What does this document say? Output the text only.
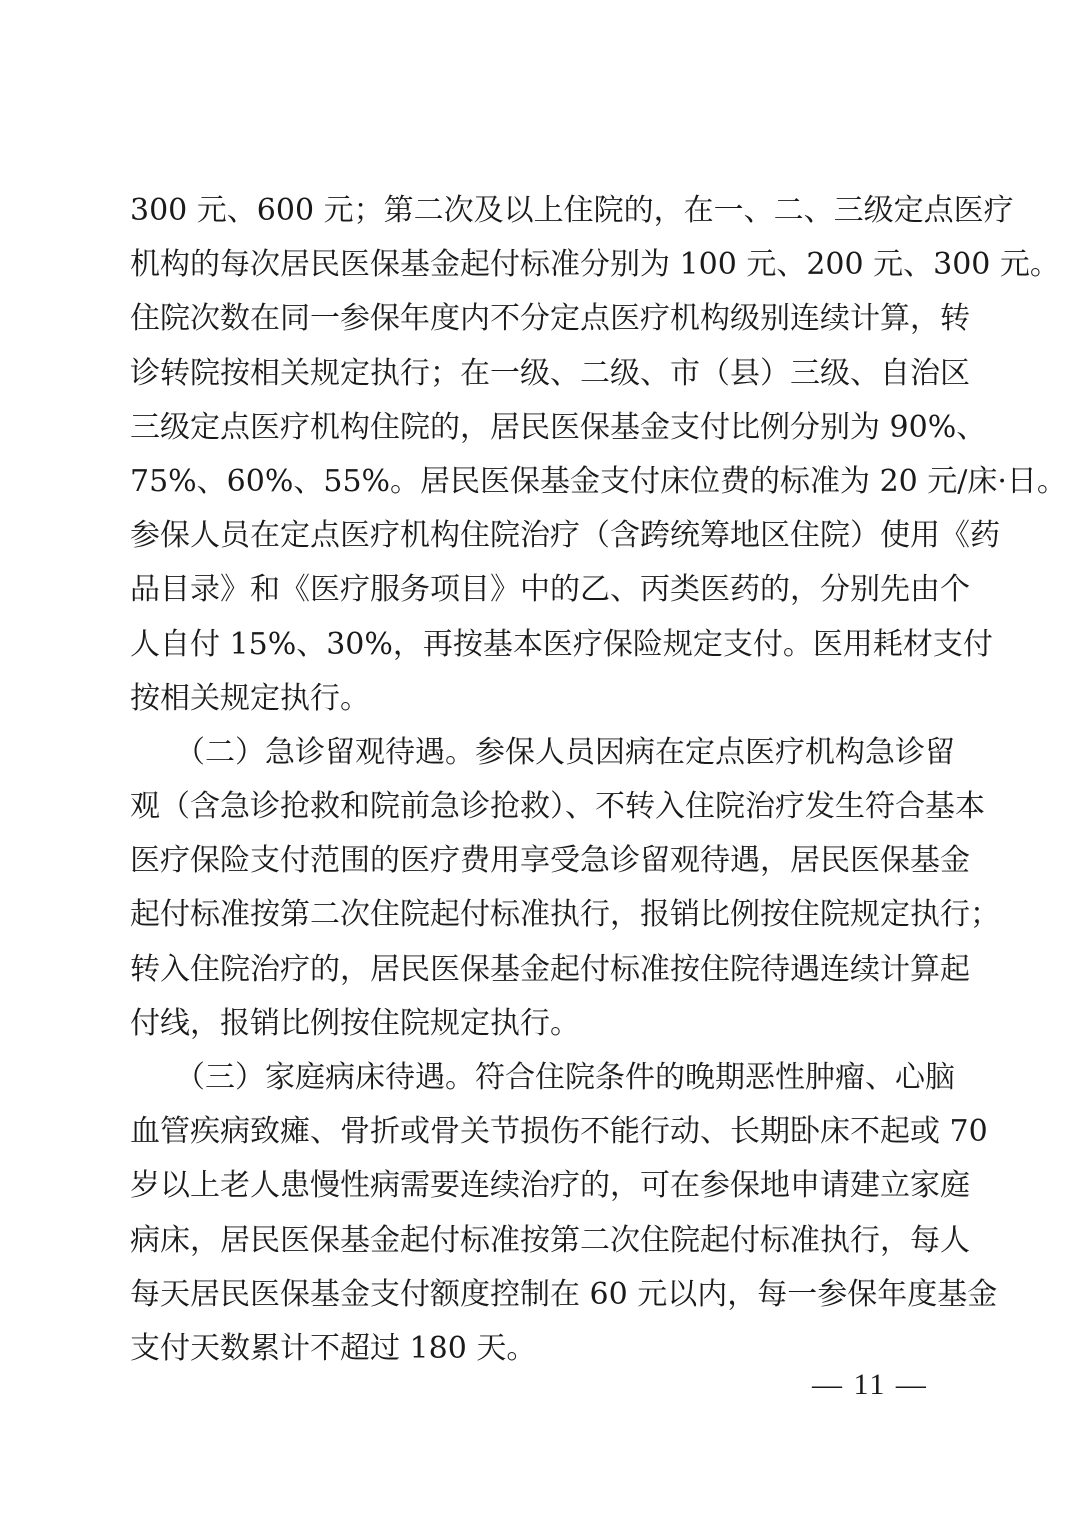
300 元、600 元；第二次及以上住院的，在一、二、三级定点医疗
机构的每次居民医保基金起付标准分别为 100 元、200 元、300 元。
住院次数在同一参保年度内不分定点医疗机构级别连续计算，转
诊转院按相关规定执行；在一级、二级、市（县）三级、自治区
三级定点医疗机构住院的，居民医保基金支付比例分别为 90%、
75%、60%、55%。居民医保基金支付床位费的标准为 20 元/床·日。
参保人员在定点医疗机构住院治疗（含跨统筹地区住院）使用《药
品目录》和《医疗服务项目》中的乙、丙类医药的，分别先由个
人自付 15%、30%，再按基本医疗保险规定支付。医用耗材支付
按相关规定执行。
　　（二）急诊留观待遇。参保人员因病在定点医疗机构急诊留
观（含急诊抢救和院前急诊抢救）、不转入住院治疗发生符合基本
医疗保险支付范围的医疗费用享受急诊留观待遇，居民医保基金
起付标准按第二次住院起付标准执行，报销比例按住院规定执行；
转入住院治疗的，居民医保基金起付标准按住院待遇连续计算起
付线，报销比例按住院规定执行。
　　（三）家庭病床待遇。符合住院条件的晚期恶性肿瘤、心脑
血管疾病致瘫、骨折或骨关节损伤不能行动、长期卧床不起或 70
岁以上老人患慢性病需要连续治疗的，可在参保地申请建立家庭
病床，居民医保基金起付标准按第二次住院起付标准执行，每人
每天居民医保基金支付额度控制在 60 元以内，每一参保年度基金
支付天数累计不超过 180 天。
— 11 —
